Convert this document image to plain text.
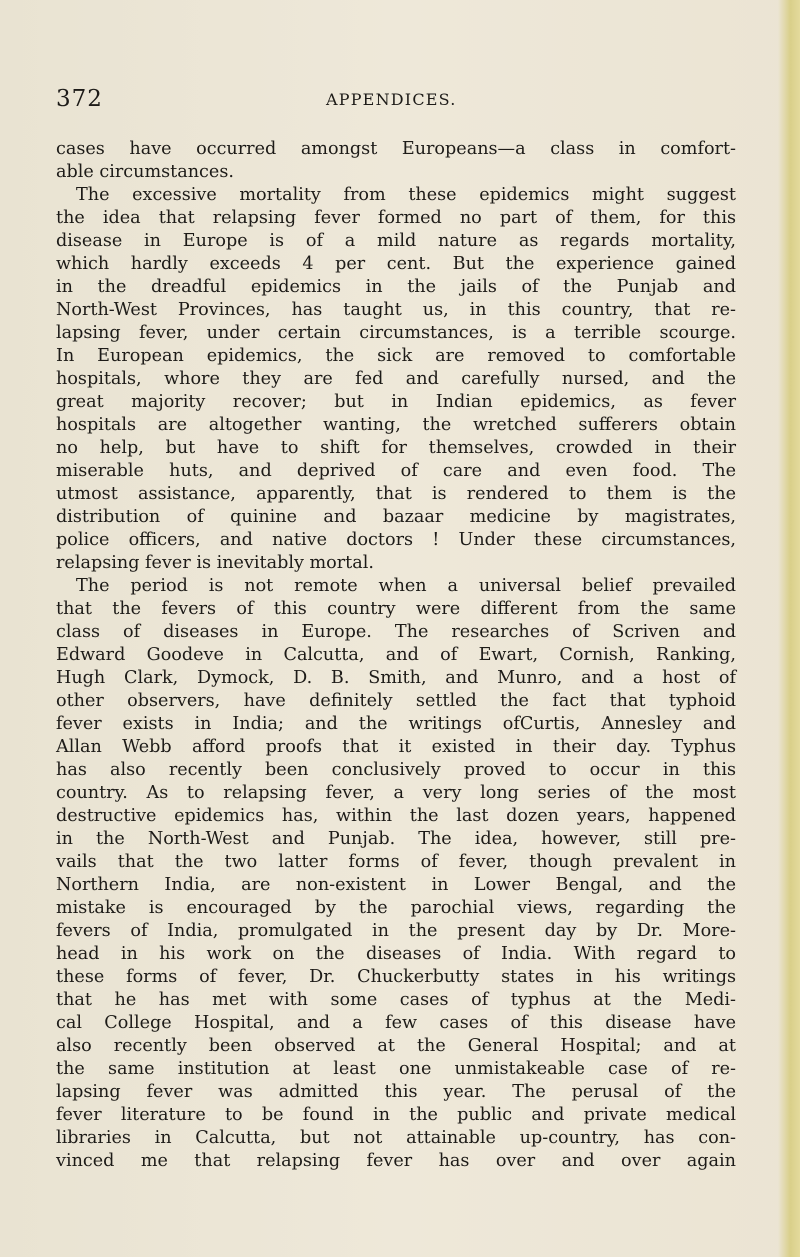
372	APPENDICES.
cases have occurred amongst Europeans—a class in comfort-
able circumstances.
The excessive mortality from these epidemics might suggest
the idea that relapsing fever formed no part of them, for this
disease in Europe is of a mild nature as regards mortality,
which hardly exceeds 4 per cent. But the experience gained
in the dreadful epidemics in the jails of the Punjab and
North-West Provinces, has taught us, in this country, that re-
lapsing fever, under certain circumstances, is a terrible scourge.
In European epidemics, the sick are removed to comfortable
hospitals, whore they are fed and carefully nursed, and the
great majority recover; but in Indian epidemics, as fever
hospitals are altogether wanting, the wretched sufferers obtain
no help, but have to shift for themselves, crowded in their
miserable huts, and deprived of care and even food. The
utmost assistance, apparently, that is rendered to them is the
distribution of quinine and bazaar medicine by magistrates,
police officers, and native doctors ! Under these circumstances,
relapsing fever is inevitably mortal.
The period is not remote when a universal belief prevailed
that the fevers of this country were different from the same
class of diseases in Europe. The researches of Scriven and
Edward Goodeve in Calcutta, and of Ewart, Cornish, Ranking,
Hugh Clark, Dymock, D. B. Smith, and Munro, and a host of
other observers, have definitely settled the fact that typhoid
fever exists in India; and the writings ofCurtis, Annesley and
Allan Webb afford proofs that it existed in their day. Typhus
has also recently been conclusively proved to occur in this
country. As to relapsing fever, a very long series of the most
destructive epidemics has, within the last dozen years, happened
in the North-West and Punjab. The idea, however, still pre-
vails that the two latter forms of fever, though prevalent in
Northern India, are non-existent in Lower Bengal, and the
mistake is encouraged by the parochial views, regarding the
fevers of India, promulgated in the present day by Dr. More-
head in his work on the diseases of India. With regard to
these forms of fever, Dr. Chuckerbutty states in his writings
that he has met with some cases of typhus at the Medi-
cal College Hospital, and a few cases of this disease have
also recently been observed at the General Hospital; and at
the same institution at least one unmistakeable case of re-
lapsing fever was admitted this year. The perusal of the
fever literature to be found in the public and private medical
libraries in Calcutta, but not attainable up-country, has con-
vinced me that relapsing fever has over and over again
